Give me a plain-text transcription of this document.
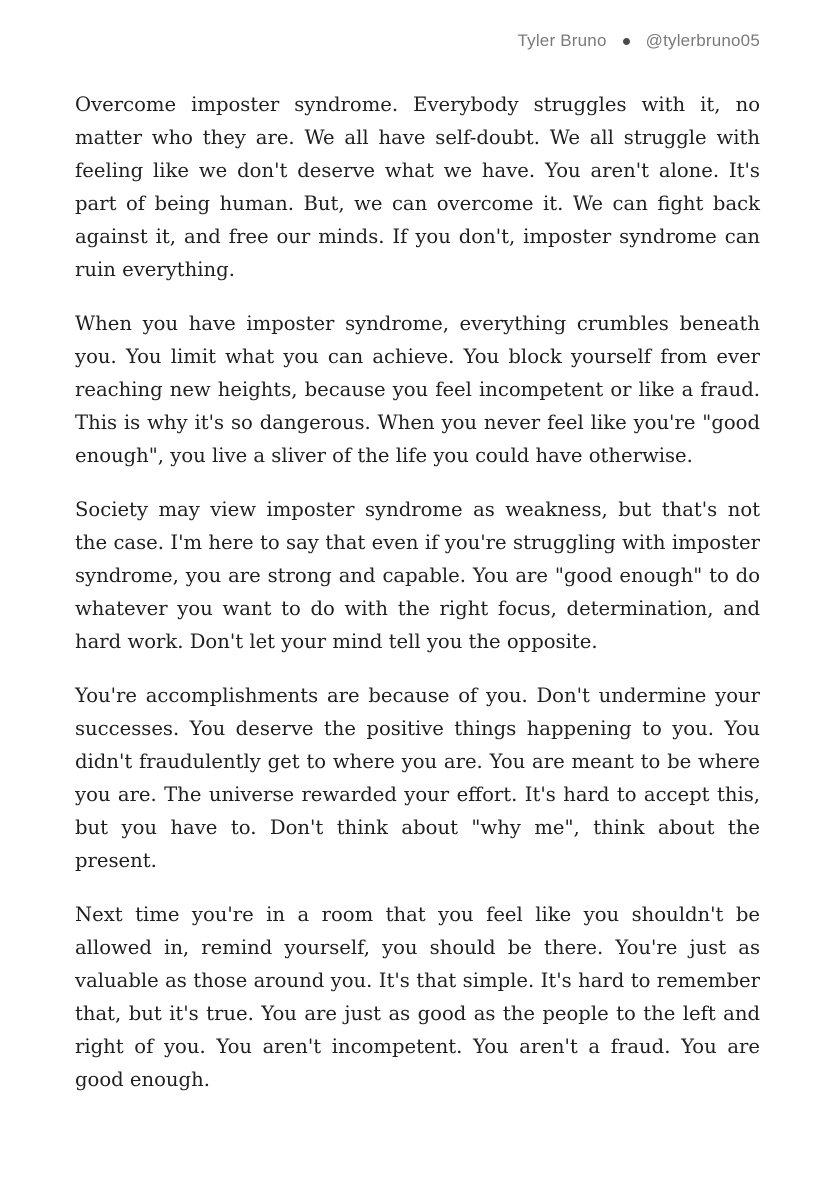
Tyler Bruno @tylerbruno05

Overcome imposter syndrome. Everybody struggles with it, no matter who they are. We all have self-doubt. We all struggle with feeling like we don't deserve what we have. You aren't alone. It's part of being human. But, we can overcome it. We can fight back against it, and free our minds. If you don't, imposter syndrome can ruin everything.

When you have imposter syndrome, everything crumbles beneath you. You limit what you can achieve. You block yourself from ever reaching new heights, because you feel incompetent or like a fraud. This is why it's so dangerous. When you never feel like you're "good enough", you live a sliver of the life you could have otherwise.

Society may view imposter syndrome as weakness, but that's not the case. I'm here to say that even if you're struggling with imposter syndrome, you are strong and capable. You are "good enough" to do whatever you want to do with the right focus, determination, and hard work. Don't let your mind tell you the opposite.

You're accomplishments are because of you. Don't undermine your successes. You deserve the positive things happening to you. You didn't fraudulently get to where you are. You are meant to be where you are. The universe rewarded your effort. It's hard to accept this, but you have to. Don't think about "why me", think about the present.

Next time you're in a room that you feel like you shouldn't be allowed in, remind yourself, you should be there. You're just as valuable as those around you. It's that simple. It's hard to remember that, but it's true. You are just as good as the people to the left and right of you. You aren't incompetent. You aren't a fraud. You are good enough.
